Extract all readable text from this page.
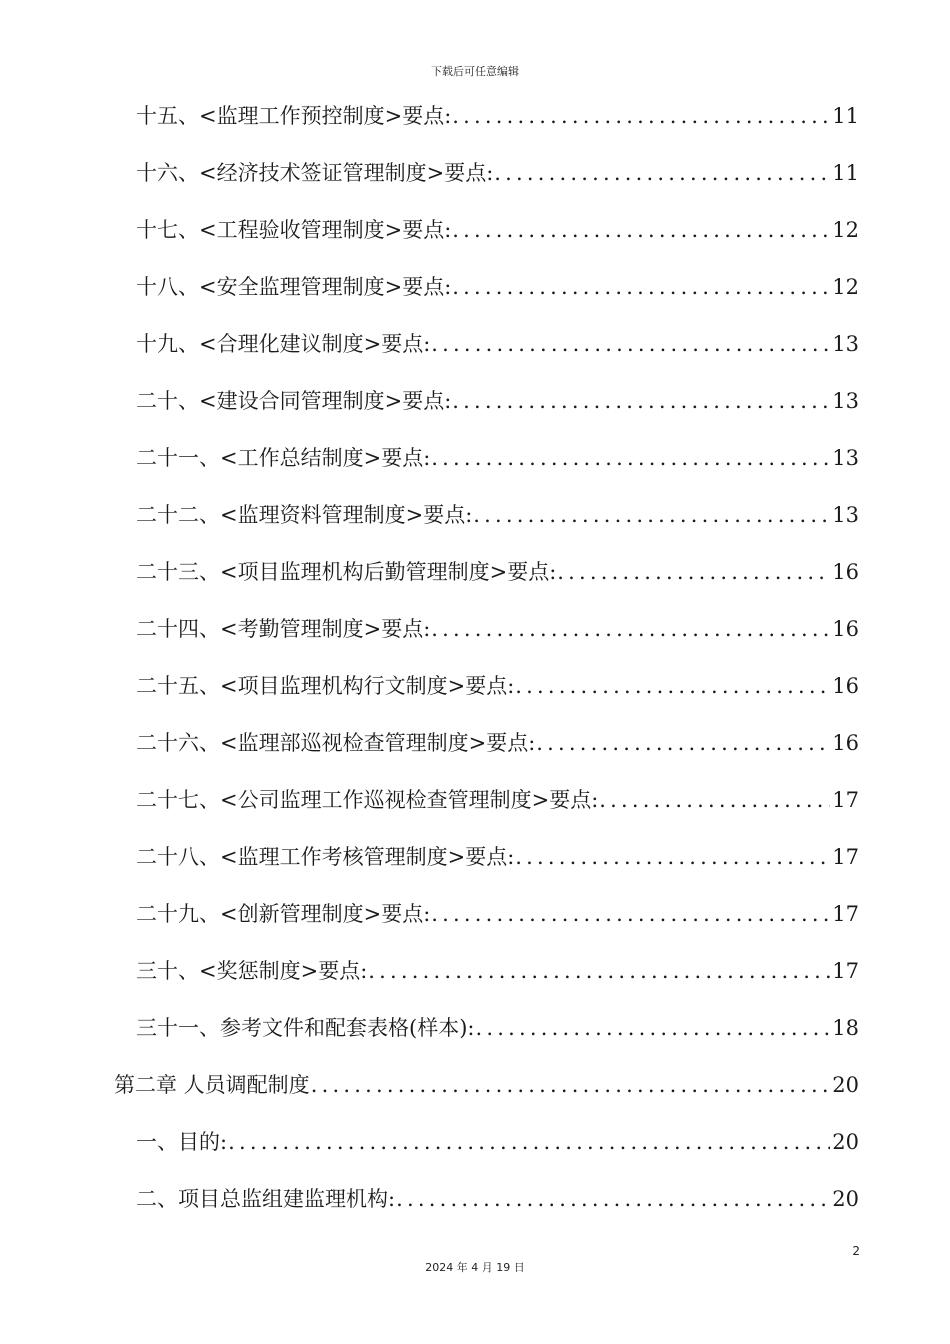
下载后可任意编辑
十五、<监理工作预控制度>要点: .....	11
十六、<经济技术签证管理制度>要点: .....	11
十七、<工程验收管理制度>要点: .....	12
十八、<安全监理管理制度>要点: .....	12
十九、<合理化建议制度>要点: .....	13
二十、<建设合同管理制度>要点: .....	13
二十一、<工作总结制度>要点: .....	13
二十二、<监理资料管理制度>要点: .....	13
二十三、<项目监理机构后勤管理制度>要点: .....	16
二十四、<考勤管理制度>要点: .....	16
二十五、<项目监理机构行文制度>要点: .....	16
二十六、<监理部巡视检查管理制度>要点: .....	16
二十七、<公司监理工作巡视检查管理制度>要点: .....	17
二十八、<监理工作考核管理制度>要点: .....	17
二十九、<创新管理制度>要点: .....	17
三十、<奖惩制度>要点: .....	17
三十一、参考文件和配套表格(样本): .....	18
第二章 人员调配制度 .....	20
一、目的: .....	20
二、项目总监组建监理机构: .....	20
2
2024 年 4 月 19 日
